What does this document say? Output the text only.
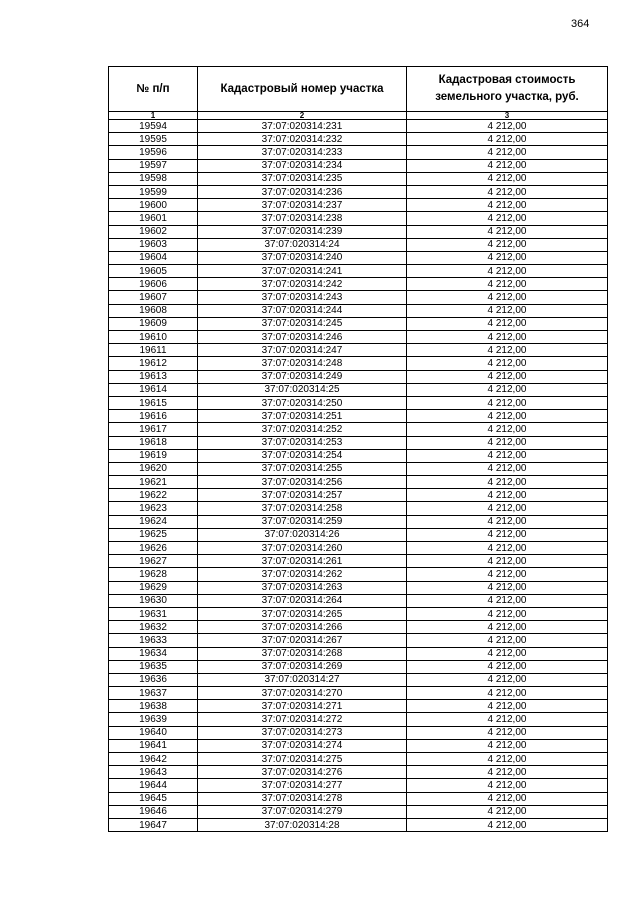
364
№ п/п	Кадастровый номер участка	Кадастровая стоимость земельного участка, руб.
1	2	3
19594	37:07:020314:231	4 212,00
19595	37:07:020314:232	4 212,00
19596	37:07:020314:233	4 212,00
19597	37:07:020314:234	4 212,00
19598	37:07:020314:235	4 212,00
19599	37:07:020314:236	4 212,00
19600	37:07:020314:237	4 212,00
19601	37:07:020314:238	4 212,00
19602	37:07:020314:239	4 212,00
19603	37:07:020314:24	4 212,00
19604	37:07:020314:240	4 212,00
19605	37:07:020314:241	4 212,00
19606	37:07:020314:242	4 212,00
19607	37:07:020314:243	4 212,00
19608	37:07:020314:244	4 212,00
19609	37:07:020314:245	4 212,00
19610	37:07:020314:246	4 212,00
19611	37:07:020314:247	4 212,00
19612	37:07:020314:248	4 212,00
19613	37:07:020314:249	4 212,00
19614	37:07:020314:25	4 212,00
19615	37:07:020314:250	4 212,00
19616	37:07:020314:251	4 212,00
19617	37:07:020314:252	4 212,00
19618	37:07:020314:253	4 212,00
19619	37:07:020314:254	4 212,00
19620	37:07:020314:255	4 212,00
19621	37:07:020314:256	4 212,00
19622	37:07:020314:257	4 212,00
19623	37:07:020314:258	4 212,00
19624	37:07:020314:259	4 212,00
19625	37:07:020314:26	4 212,00
19626	37:07:020314:260	4 212,00
19627	37:07:020314:261	4 212,00
19628	37:07:020314:262	4 212,00
19629	37:07:020314:263	4 212,00
19630	37:07:020314:264	4 212,00
19631	37:07:020314:265	4 212,00
19632	37:07:020314:266	4 212,00
19633	37:07:020314:267	4 212,00
19634	37:07:020314:268	4 212,00
19635	37:07:020314:269	4 212,00
19636	37:07:020314:27	4 212,00
19637	37:07:020314:270	4 212,00
19638	37:07:020314:271	4 212,00
19639	37:07:020314:272	4 212,00
19640	37:07:020314:273	4 212,00
19641	37:07:020314:274	4 212,00
19642	37:07:020314:275	4 212,00
19643	37:07:020314:276	4 212,00
19644	37:07:020314:277	4 212,00
19645	37:07:020314:278	4 212,00
19646	37:07:020314:279	4 212,00
19647	37:07:020314:28	4 212,00
